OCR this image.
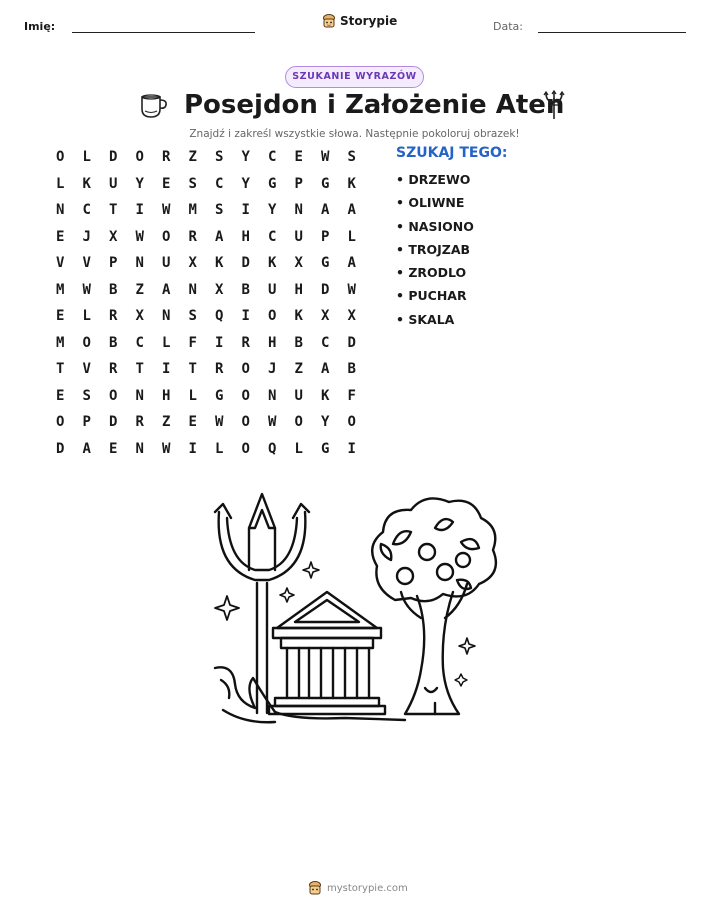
Imię:	Storypie	Data:
SZUKANIE WYRAZÓW
Posejdon i Założenie Aten
Znajdź i zakreśl wszystkie słowa. Następnie pokoloruj obrazek!
O	L	D	O	R	Z	S	Y	C	E	W	S
L	K	U	Y	E	S	C	Y	G	P	G	K
N	C	T	I	W	M	S	I	Y	N	A	A
E	J	X	W	O	R	A	H	C	U	P	L
V	V	P	N	U	X	K	D	K	X	G	A
M	W	B	Z	A	N	X	B	U	H	D	W
E	L	R	X	N	S	Q	I	O	K	X	X
M	O	B	C	L	F	I	R	H	B	C	D
T	V	R	T	I	T	R	O	J	Z	A	B
E	S	O	N	H	L	G	O	N	U	K	F
O	P	D	R	Z	E	W	O	W	O	Y	O
D	A	E	N	W	I	L	O	Q	L	G	I
SZUKAJ TEGO:
• DRZEWO
• OLIWNE
• NASIONO
• TROJZAB
• ZRODLO
• PUCHAR
• SKALA
mystorypie.com
